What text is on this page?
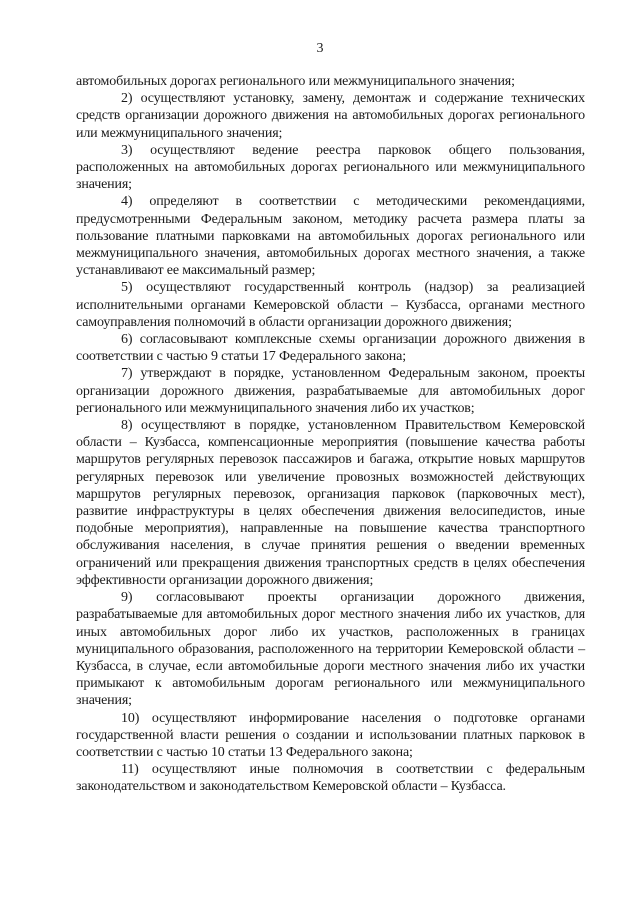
3

автомобильных дорогах регионального или межмуниципального значения;

2) осуществляют установку, замену, демонтаж и содержание технических средств организации дорожного движения на автомобильных дорогах регионального или межмуниципального значения;

3) осуществляют ведение реестра парковок общего пользования, расположенных на автомобильных дорогах регионального или межмуниципального значения;

4) определяют в соответствии с методическими рекомендациями, предусмотренными Федеральным законом, методику расчета размера платы за пользование платными парковками на автомобильных дорогах регионального или межмуниципального значения, автомобильных дорогах местного значения, а также устанавливают ее максимальный размер;

5) осуществляют государственный контроль (надзор) за реализацией исполнительными органами Кемеровской области – Кузбасса, органами местного самоуправления полномочий в области организации дорожного движения;

6) согласовывают комплексные схемы организации дорожного движения в соответствии с частью 9 статьи 17 Федерального закона;

7) утверждают в порядке, установленном Федеральным законом, проекты организации дорожного движения, разрабатываемые для автомобильных дорог регионального или межмуниципального значения либо их участков;

8) осуществляют в порядке, установленном Правительством Кемеровской области – Кузбасса, компенсационные мероприятия (повышение качества работы маршрутов регулярных перевозок пассажиров и багажа, открытие новых маршрутов регулярных перевозок или увеличение провозных возможностей действующих маршрутов регулярных перевозок, организация парковок (парковочных мест), развитие инфраструктуры в целях обеспечения движения велосипедистов, иные подобные мероприятия), направленные на повышение качества транспортного обслуживания населения, в случае принятия решения о введении временных ограничений или прекращения движения транспортных средств в целях обеспечения эффективности организации дорожного движения;

9) согласовывают проекты организации дорожного движения, разрабатываемые для автомобильных дорог местного значения либо их участков, для иных автомобильных дорог либо их участков, расположенных в границах муниципального образования, расположенного на территории Кемеровской области – Кузбасса, в случае, если автомобильные дороги местного значения либо их участки примыкают к автомобильным дорогам регионального или межмуниципального значения;

10) осуществляют информирование населения о подготовке органами государственной власти решения о создании и использовании платных парковок в соответствии с частью 10 статьи 13 Федерального закона;

11) осуществляют иные полномочия в соответствии с федеральным законодательством и законодательством Кемеровской области – Кузбасса.
